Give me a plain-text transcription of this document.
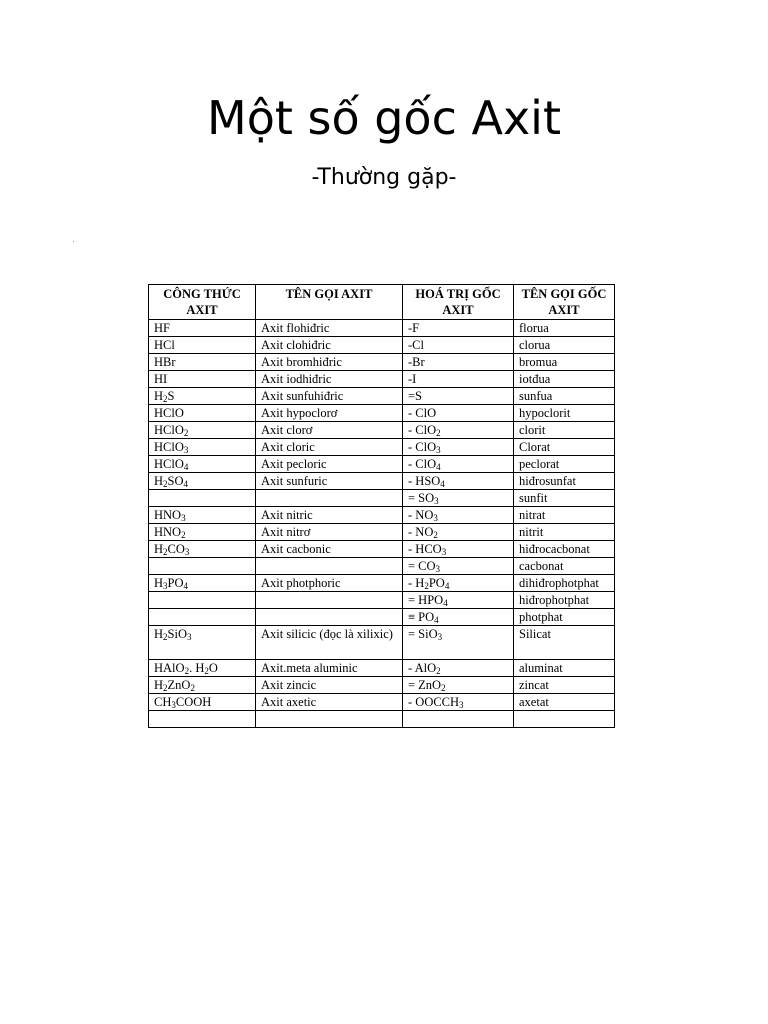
Một số gốc Axit

-Thường gặp-

CÔNG THỨC AXIT	TÊN GỌI AXIT	HOÁ TRỊ GỐC AXIT	TÊN GỌI GỐC AXIT
HF	Axit flohiđric	-F	florua
HCl	Axit clohiđric	-Cl	clorua
HBr	Axit bromhiđric	-Br	bromua
HI	Axit iodhiđric	-I	iotđua
$H_2S$	Axit sunfuhiđric	=S	sunfua
HClO	Axit hypoclorơ	- ClO	hypoclorit
HClO$_2$	Axit clorơ	- ClO$_2$	clorit
HClO$_3$	Axit cloric	- ClO$_3$	Clorat
HClO$_4$	Axit pecloric	- ClO$_4$	peclorat
$H_2SO_4$	Axit sunfuric	- $HSO_4$	hiđrosunfat
		= $SO_3$	sunfit
$HNO_3$	Axit nitric	- $NO_3$	nitrat
$HNO_2$	Axit nitrơ	- $NO_2$	nitrit
$H_2CO_3$	Axit cacbonic	- $HCO_3$	hiđrocacbonat
		= $CO_3$	cacbonat
$H_3PO_4$	Axit photphoric	- $H_2PO_4$	dihiđrophotphat
		= $HPO_4$	hiđrophotphat
		≡ $PO_4$	photphat
$H_2SiO_3$	Axit silicic (đọc là xilixic)	= SiO$_3$	Silicat
HAlO$_2$. $H_2O$	Axit.meta aluminic	- AlO$_2$	aluminat
$H_2ZnO_2$	Axit zincic	= ZnO$_2$	zincat
$CH_3COOH$	Axit axetic	- $OOCCH_3$	axetat
